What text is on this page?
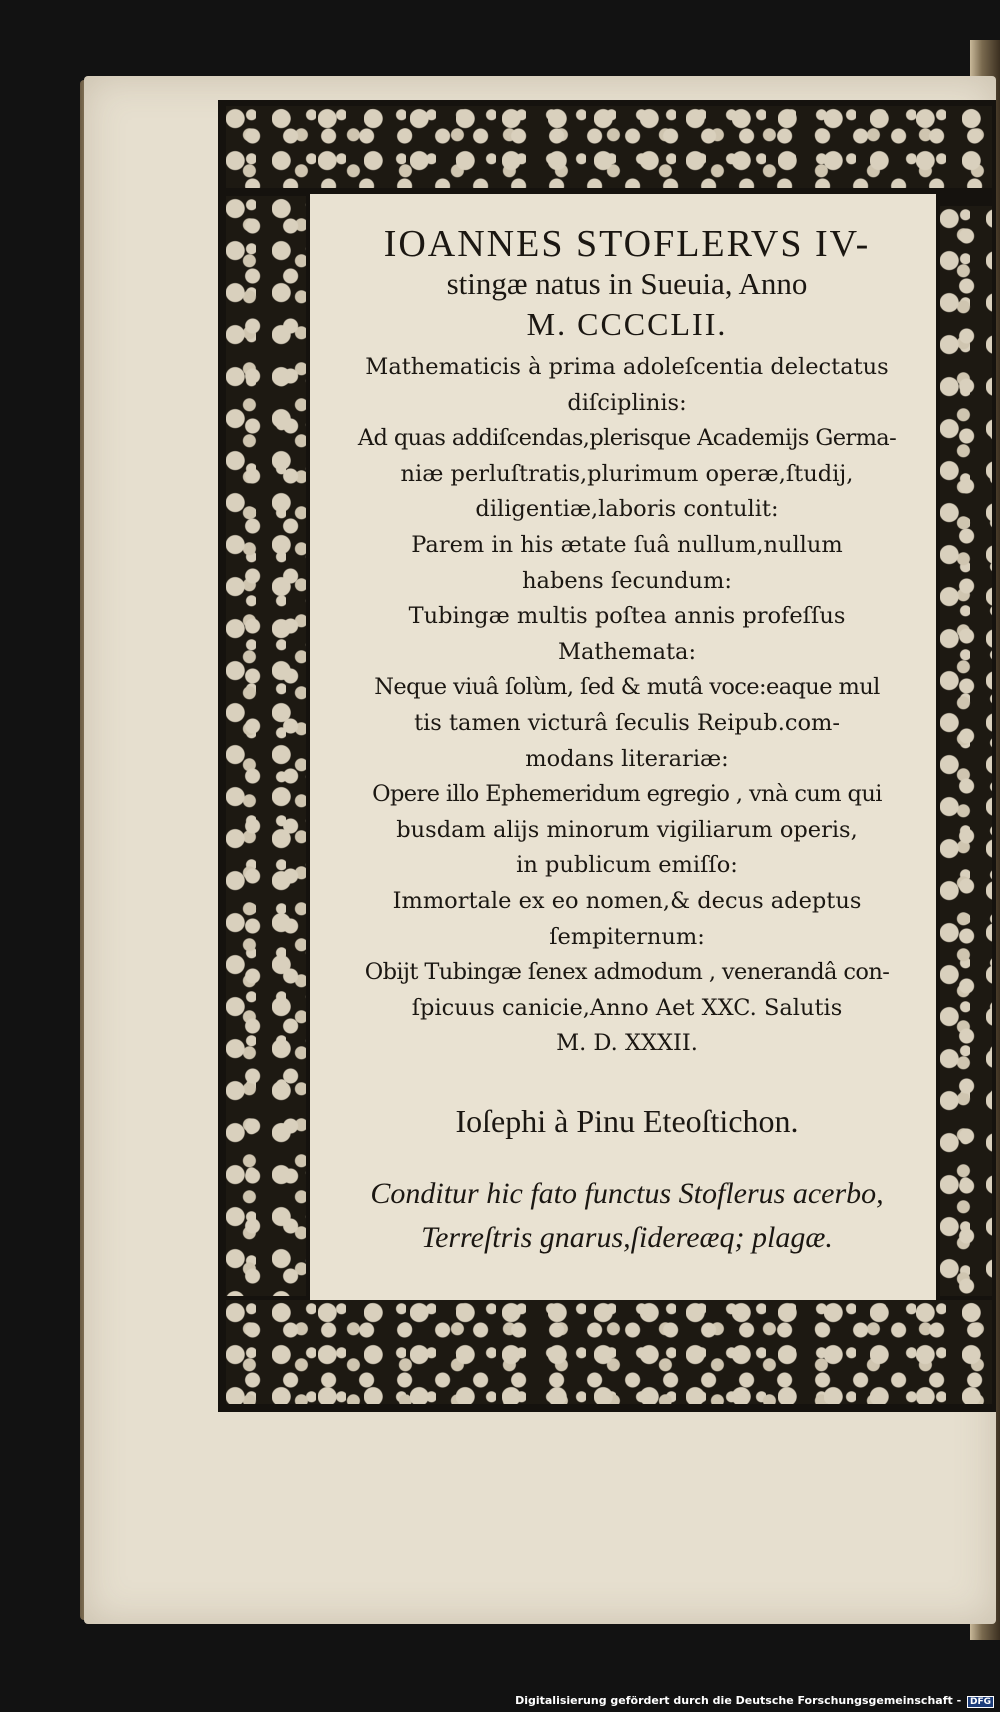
IOANNES STOFLERVS IV-

stingæ natus in Sueuia, Anno

M. CCCCLII.

Mathematicis à prima adoleſcentia delectatus

diſciplinis:

Ad quas addiſcendas,plerisque Academijs Germa-

niæ perluſtratis,plurimum operæ,ſtudij,

diligentiæ,laboris contulit:

Parem in his ætate ſuâ nullum,nullum

habens ſecundum:

Tubingæ multis poſtea annis profeſſus

Mathemata:

Neque viuâ ſolùm, ſed & mutâ voce:eaque mul

tis tamen victurâ ſeculis Reipub.com-

modans literariæ:

Opere illo Ephemeridum egregio , vnà cum qui

busdam alijs minorum vigiliarum operis,

in publicum emiſſo:

Immortale ex eo nomen,& decus adeptus

ſempiternum:

Obijt Tubingæ ſenex admodum , venerandâ con-

ſpicuus canicie,Anno Aet XXC. Salutis

M. D. XXXII.

Ioſephi à Pinu Eteoſtichon.

Conditur hic fato functus Stoflerus acerbo,

Terreſtris gnarus,ſidereæq; plagæ.

Digitalisierung gefördert durch die Deutsche Forschungsgemeinschaft - DFG
